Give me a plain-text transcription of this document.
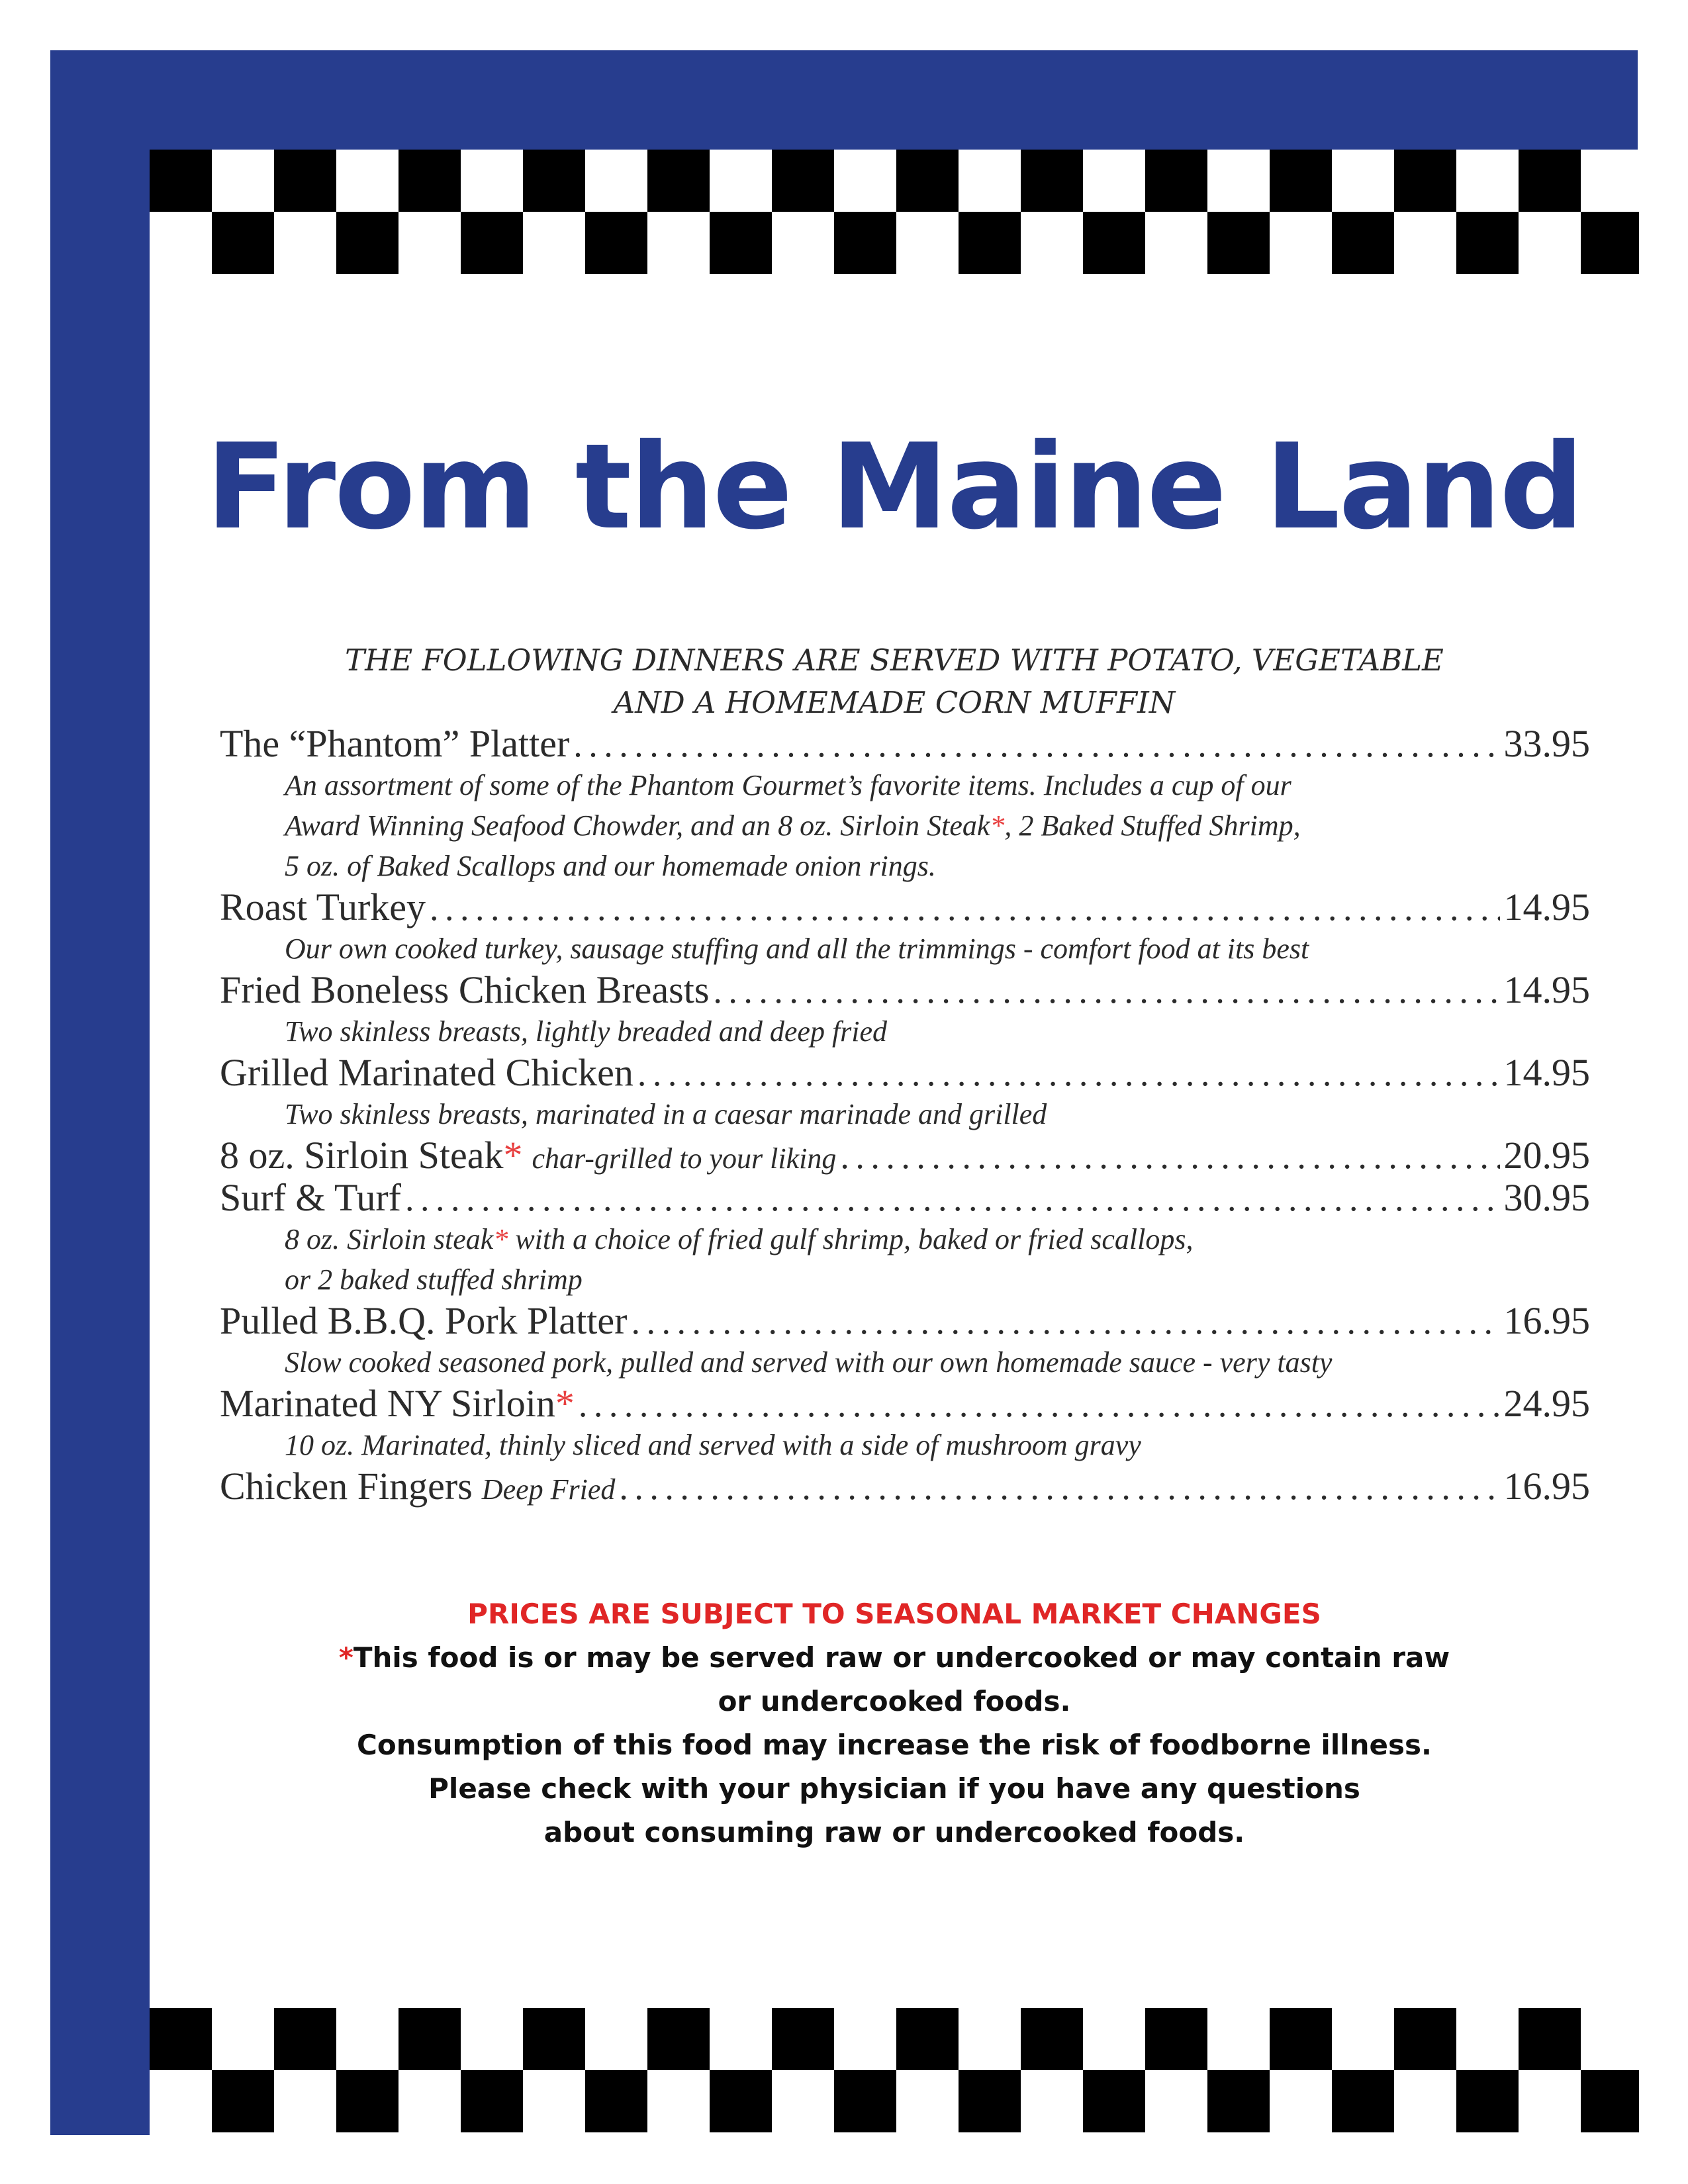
From the Maine Land
THE FOLLOWING DINNERS ARE SERVED WITH POTATO, VEGETABLE
AND A HOMEMADE CORN MUFFIN
The “Phantom” Platter . . .	33.95
An assortment of some of the Phantom Gourmet’s favorite items. Includes a cup of our
Award Winning Seafood Chowder, and an 8 oz. Sirloin Steak*, 2 Baked Stuffed Shrimp,
5 oz. of Baked Scallops and our homemade onion rings.
Roast Turkey . . .	14.95
Our own cooked turkey, sausage stuffing and all the trimmings - comfort food at its best
Fried Boneless Chicken Breasts . . .	14.95
Two skinless breasts, lightly breaded and deep fried
Grilled Marinated Chicken . . .	14.95
Two skinless breasts, marinated in a caesar marinade and grilled
8 oz. Sirloin Steak * char-grilled to your liking . . .	20.95
Surf & Turf . . .	30.95
8 oz. Sirloin steak* with a choice of fried gulf shrimp, baked or fried scallops,
or 2 baked stuffed shrimp
Pulled B.B.Q. Pork Platter . . .	16.95
Slow cooked seasoned pork, pulled and served with our own homemade sauce - very tasty
Marinated NY Sirloin * . . .	24.95
10 oz. Marinated, thinly sliced and served with a side of mushroom gravy
Chicken Fingers Deep Fried . . .	16.95
PRICES ARE SUBJECT TO SEASONAL MARKET CHANGES
*This food is or may be served raw or undercooked or may contain raw
or undercooked foods.
Consumption of this food may increase the risk of foodborne illness.
Please check with your physician if you have any questions
about consuming raw or undercooked foods.
